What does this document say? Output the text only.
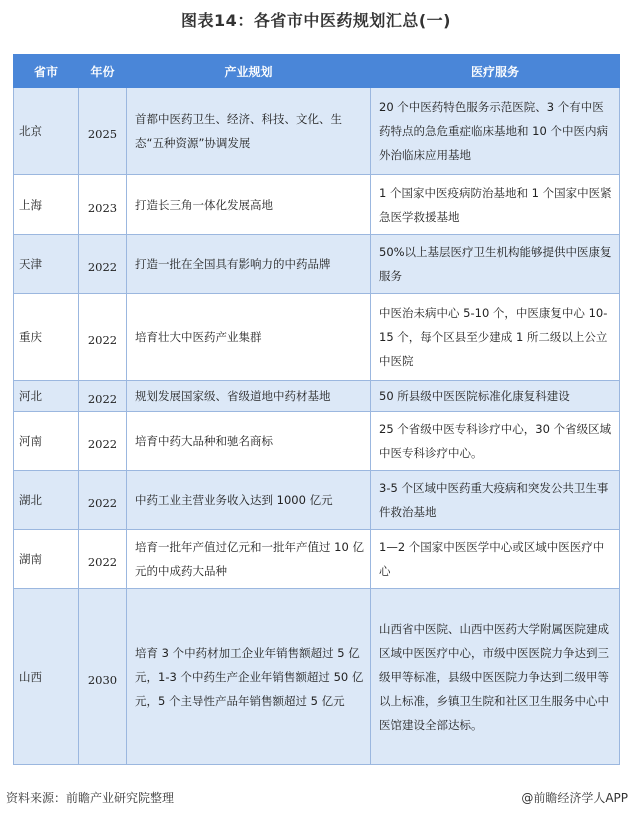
图表14：各省市中医药规划汇总(一)
省市	年份	产业规划	医疗服务
北京	2025	首都中医药卫生、经济、科技、文化、生态“五种资源”协调发展	20 个中医药特色服务示范医院、3 个有中医药特点的急危重症临床基地和 10 个中医内病外治临床应用基地
上海	2023	打造长三角一体化发展高地	1 个国家中医疫病防治基地和 1 个国家中医紧急医学救援基地
天津	2022	打造一批在全国具有影响力的中药品牌	50%以上基层医疗卫生机构能够提供中医康复服务
重庆	2022	培育壮大中医药产业集群	中医治未病中心 5-10 个，中医康复中心 10-15 个，每个区县至少建成 1 所二级以上公立中医院
河北	2022	规划发展国家级、省级道地中药材基地	50 所县级中医医院标准化康复科建设
河南	2022	培育中药大品种和驰名商标	25 个省级中医专科诊疗中心，30 个省级区域中医专科诊疗中心。
湖北	2022	中药工业主营业务收入达到 1000 亿元	3-5 个区域中医药重大疫病和突发公共卫生事件救治基地
湖南	2022	培育一批年产值过亿元和一批年产值过 10 亿元的中成药大品种	1—2 个国家中医医学中心或区域中医医疗中心
山西	2030	培育 3 个中药材加工企业年销售额超过 5 亿元，1-3 个中药生产企业年销售额超过 50 亿元，5 个主导性产品年销售额超过 5 亿元	山西省中医院、山西中医药大学附属医院建成区域中医医疗中心，市级中医医院力争达到三级甲等标准，县级中医医院力争达到二级甲等以上标准，乡镇卫生院和社区卫生服务中心中医馆建设全部达标。
资料来源：前瞻产业研究院整理	@前瞻经济学人APP
